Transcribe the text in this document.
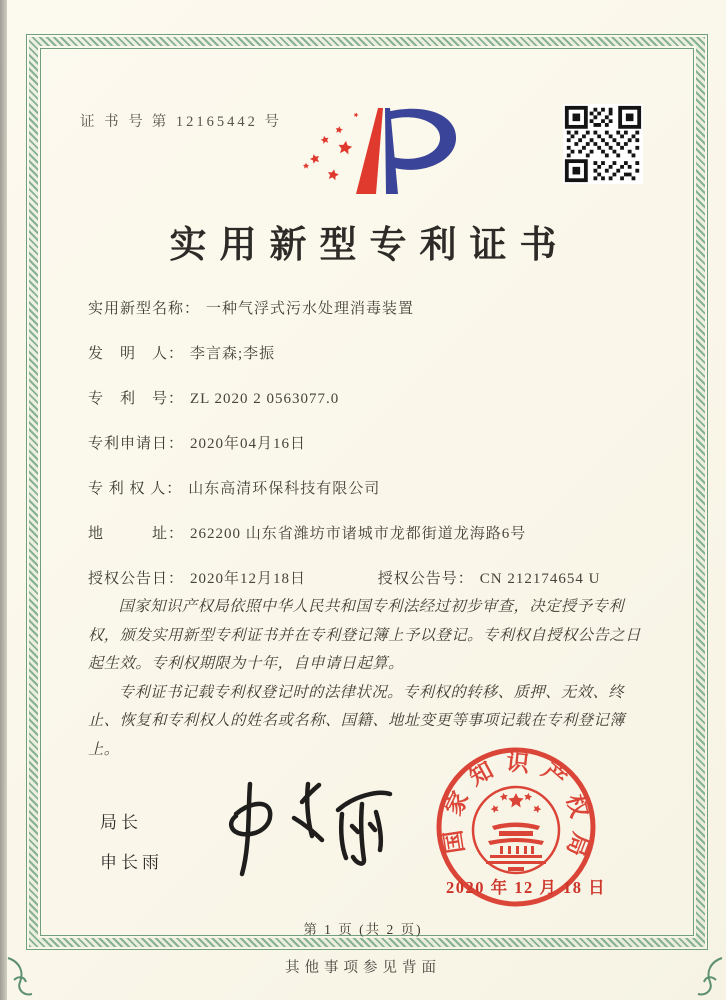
证 书 号 第 12165442 号
实用新型专利证书
实用新型名称： 一种气浮式污水处理消毒装置
发　明　人： 李言森;李振
专　利　号： ZL 2020 2 0563077.0
专利申请日： 2020年04月16日
专 利 权 人： 山东高清环保科技有限公司
地　　　址： 262200 山东省潍坊市诸城市龙都街道龙海路6号
授权公告日： 2020年12月18日	授权公告号： CN 212174654 U

国家知识产权局依照中华人民共和国专利法经过初步审查，决定授予专利权，颁发实用新型专利证书并在专利登记簿上予以登记。专利权自授权公告之日起生效。专利权期限为十年，自申请日起算。

专利证书记载专利权登记时的法律状况。专利权的转移、质押、无效、终止、恢复和专利权人的姓名或名称、国籍、地址变更等事项记载在专利登记簿上。

局长
申长雨
国家知识产权局
2020 年 12 月 18 日
第 1 页 (共 2 页)
其他事项参见背面
